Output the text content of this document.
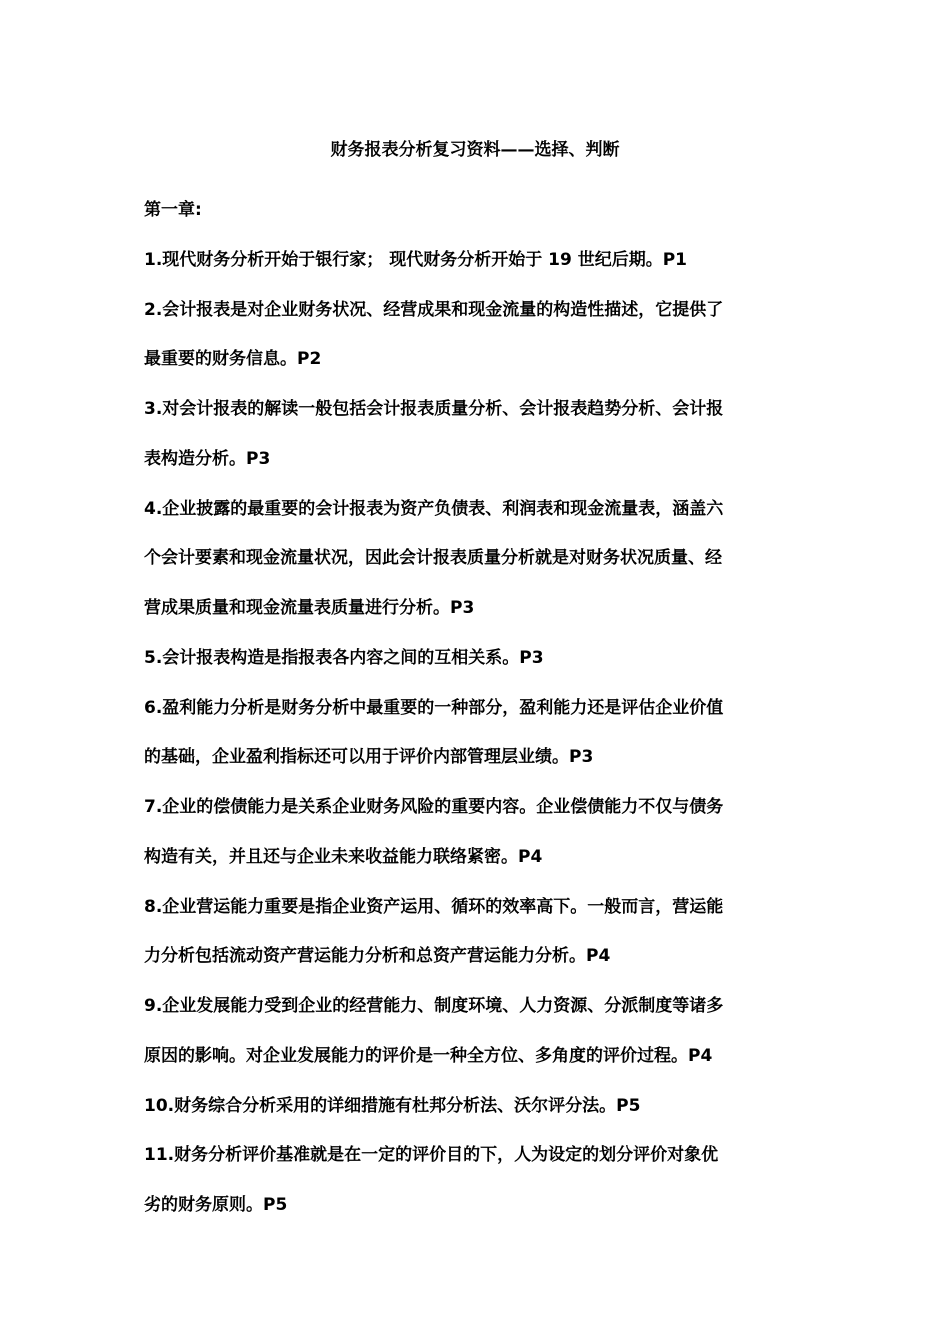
财务报表分析复习资料——选择、判断
第一章:
1.现代财务分析开始于银行家； 现代财务分析开始于 19 世纪后期。P1
2.会计报表是对企业财务状况、经营成果和现金流量的构造性描述，它提供了
最重要的财务信息。P2
3.对会计报表的解读一般包括会计报表质量分析、会计报表趋势分析、会计报
表构造分析。P3
4.企业披露的最重要的会计报表为资产负债表、利润表和现金流量表，涵盖六
个会计要素和现金流量状况，因此会计报表质量分析就是对财务状况质量、经
营成果质量和现金流量表质量进行分析。P3
5.会计报表构造是指报表各内容之间的互相关系。P3
6.盈利能力分析是财务分析中最重要的一种部分，盈利能力还是评估企业价值
的基础，企业盈利指标还可以用于评价内部管理层业绩。P3
7.企业的偿债能力是关系企业财务风险的重要内容。企业偿债能力不仅与债务
构造有关，并且还与企业未来收益能力联络紧密。P4
8.企业营运能力重要是指企业资产运用、循环的效率高下。一般而言，营运能
力分析包括流动资产营运能力分析和总资产营运能力分析。P4
9.企业发展能力受到企业的经营能力、制度环境、人力资源、分派制度等诸多
原因的影响。对企业发展能力的评价是一种全方位、多角度的评价过程。P4
10.财务综合分析采用的详细措施有杜邦分析法、沃尔评分法。P5
11.财务分析评价基准就是在一定的评价目的下，人为设定的划分评价对象优
劣的财务原则。P5
